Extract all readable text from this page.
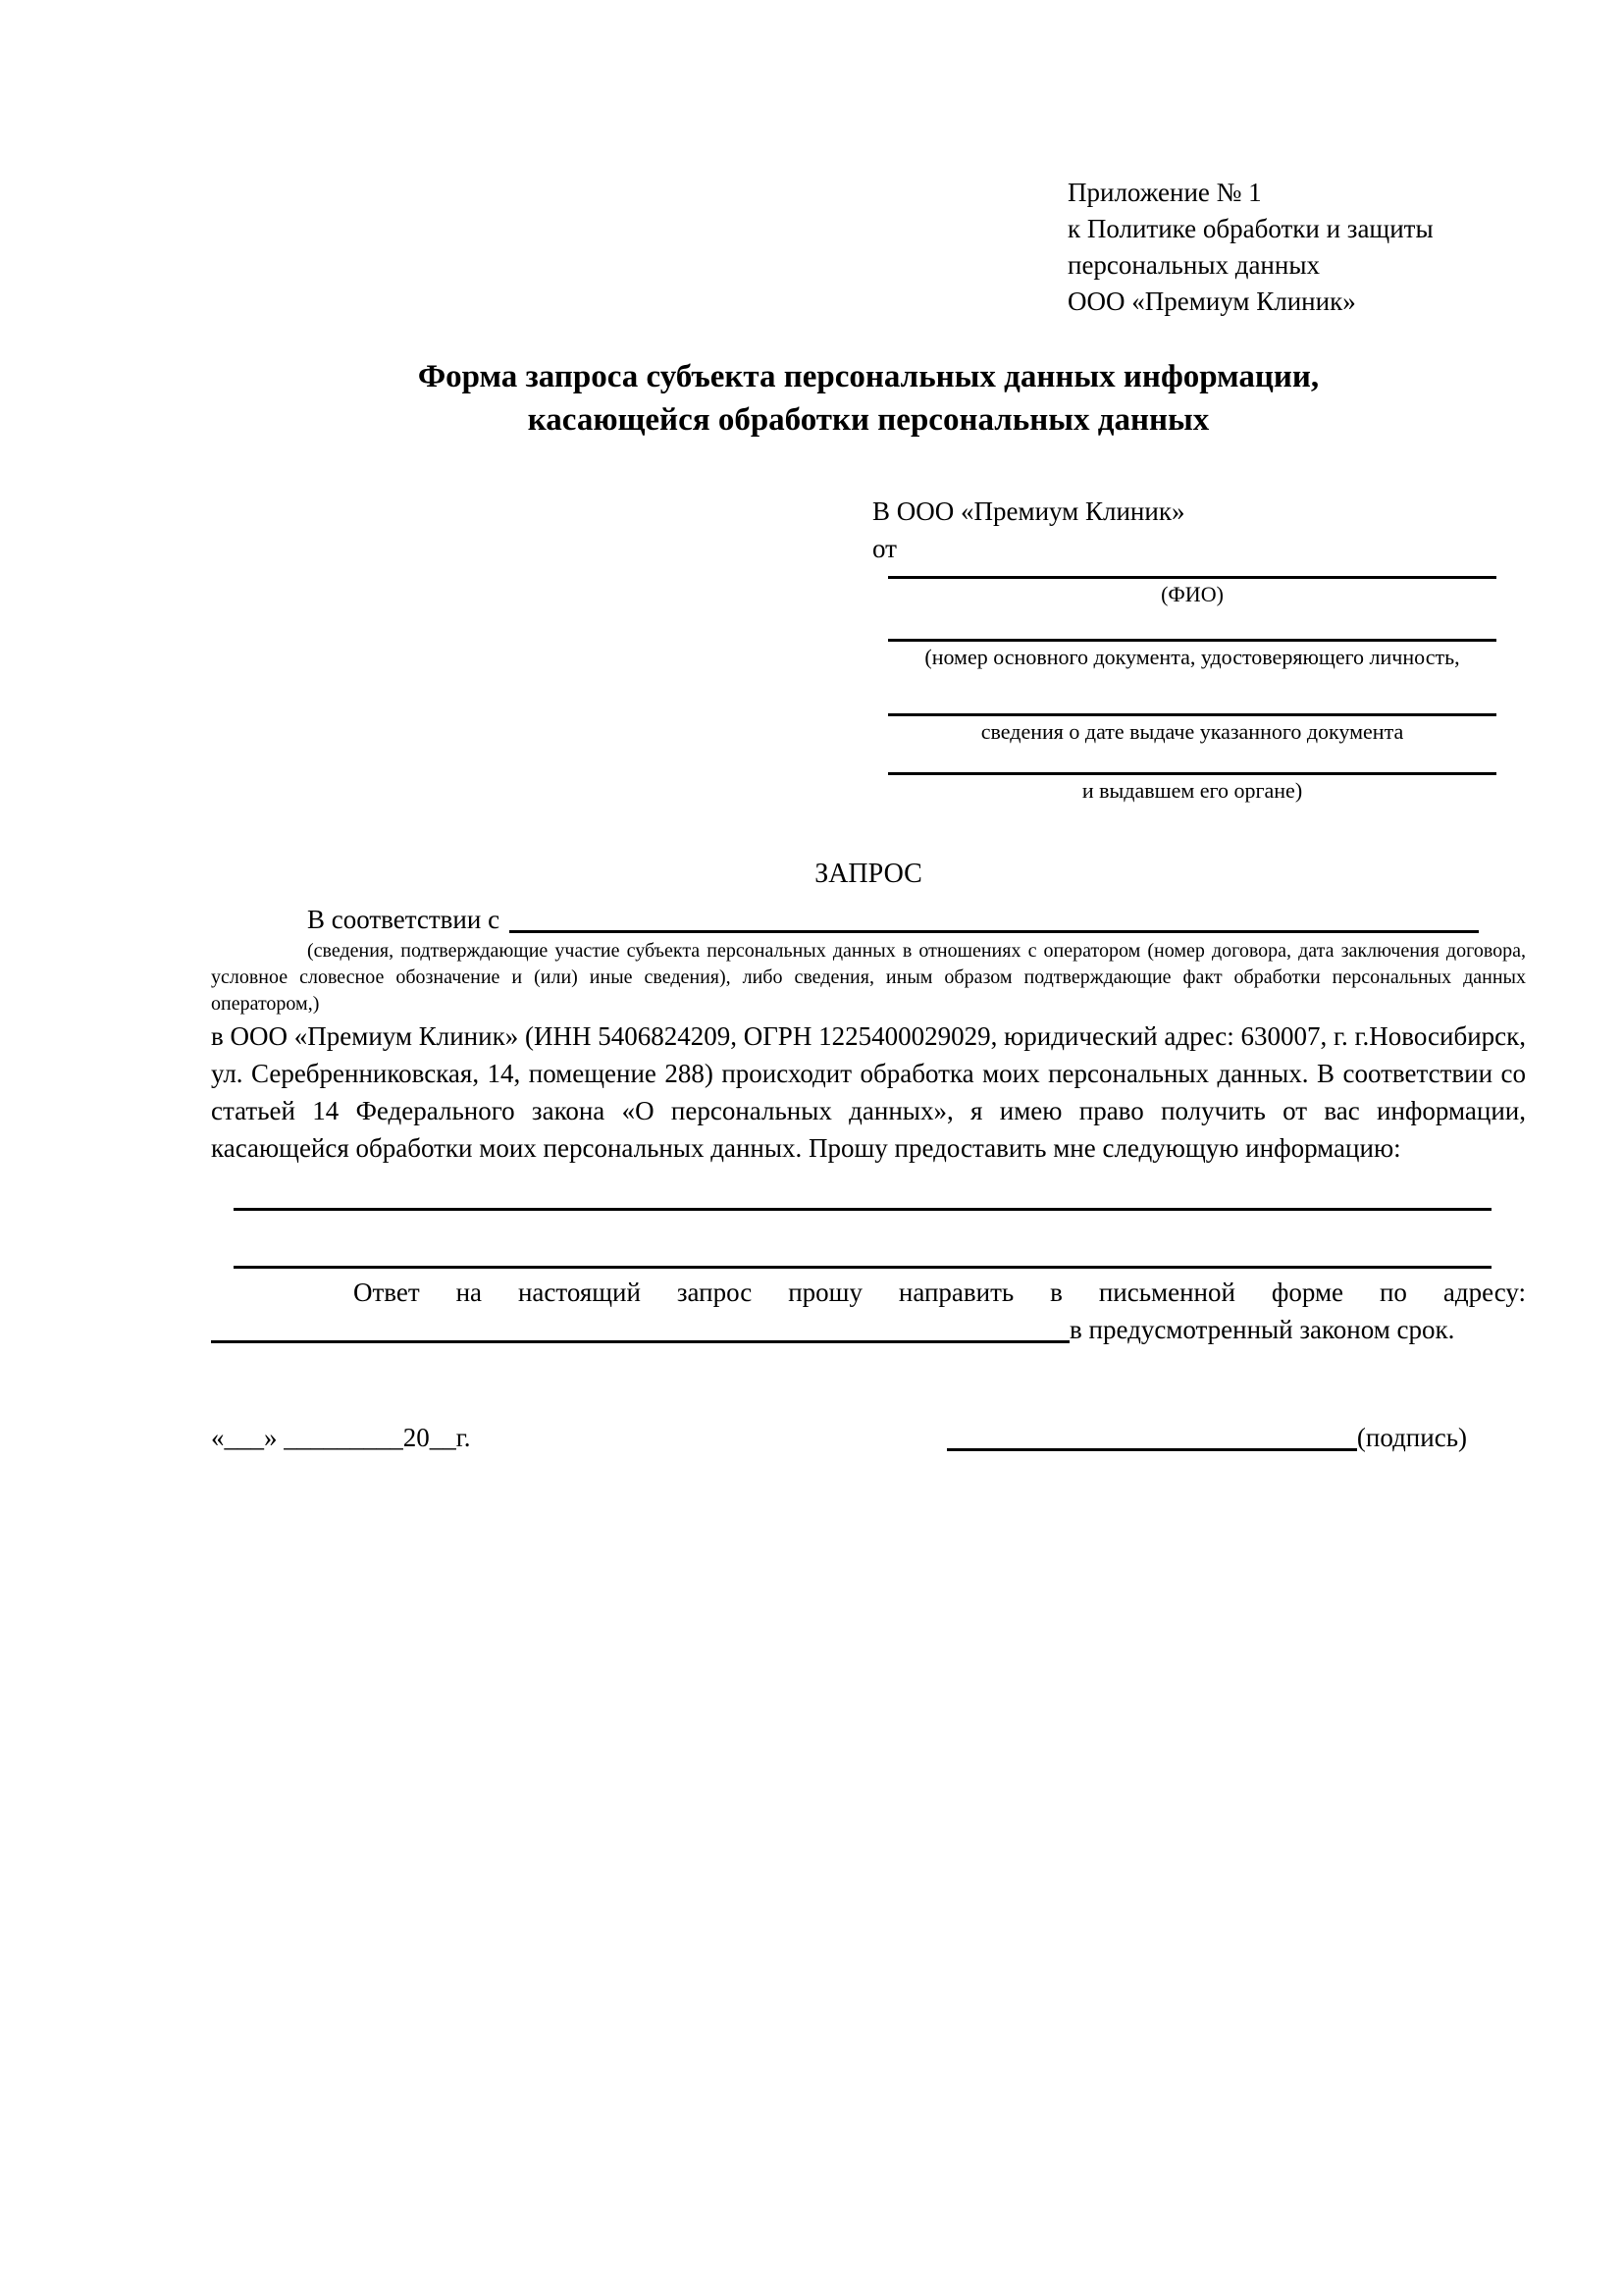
Приложение № 1
к Политике обработки и защиты
персональных данных
ООО «Премиум Клиник»
Форма запроса субъекта персональных данных информации,
касающейся обработки персональных данных
В ООО «Премиум Клиник»
от
(ФИО)
(номер основного документа, удостоверяющего личность,
сведения о дате выдаче указанного документа
и выдавшем его органе)
ЗАПРОС
В соответствии с

(сведения, подтверждающие участие субъекта персональных данных в отношениях с оператором (номер договора, дата заключения договора, условное словесное обозначение и (или) иные сведения), либо сведения, иным образом подтверждающие факт обработки персональных данных оператором,)

в ООО «Премиум Клиник» (ИНН 5406824209, ОГРН 1225400029029, юридический адрес: 630007, г. г.Новосибирск, ул. Серебренниковская, 14, помещение 288) происходит обработка моих персональных данных. В соответствии со статьей 14 Федерального закона «О персональных данных», я имею право получить от вас информации, касающейся обработки моих персональных данных. Прошу предоставить мне следующую информацию:

Ответ на настоящий запрос прошу направить в письменной форме по адресу:

в предусмотренный законом срок.
«___» _________20__г.	(подпись)
